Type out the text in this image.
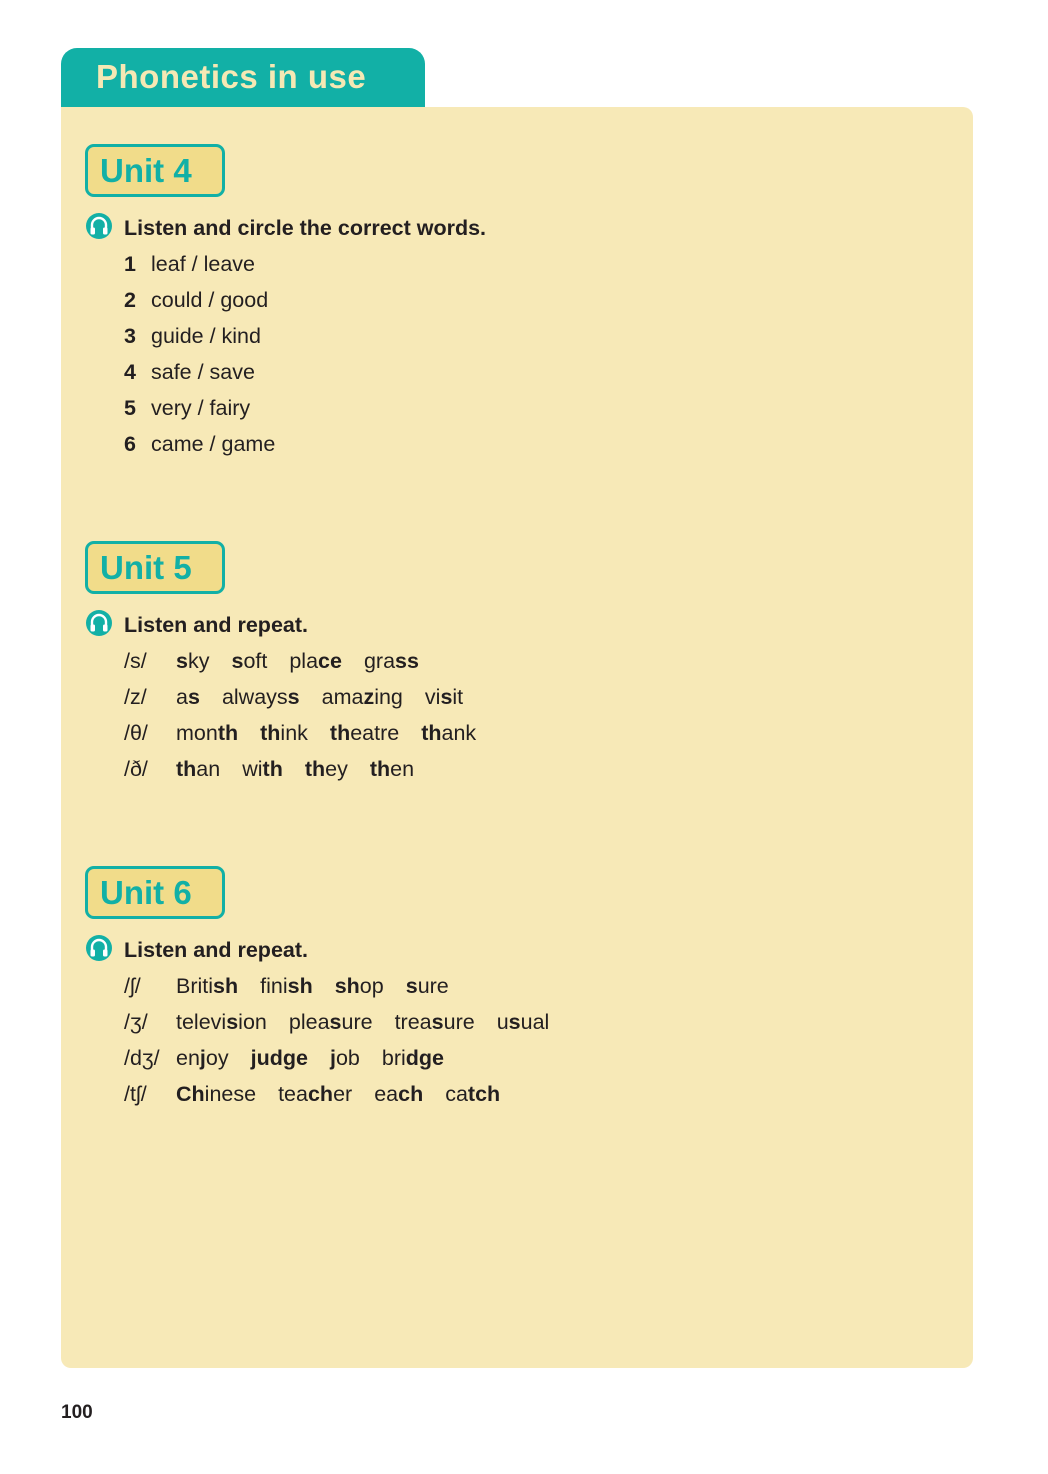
Phonetics in use
Unit 4
Listen and circle the correct words.
1 leaf / leave
2 could / good
3 guide / kind
4 safe / save
5 very / fairy
6 came / game
Unit 5
Listen and repeat.
/s/	sky soft place grass
/z/	as alwayss amazing visit
/θ/	month think theatre thank
/ð/	than with they then
Unit 6
Listen and repeat.
/ʃ/	British finish shop sure
/ʒ/	television pleasure treasure usual
/dʒ/ enjoy judge job bridge
/tʃ/	Chinese teacher each catch
100
